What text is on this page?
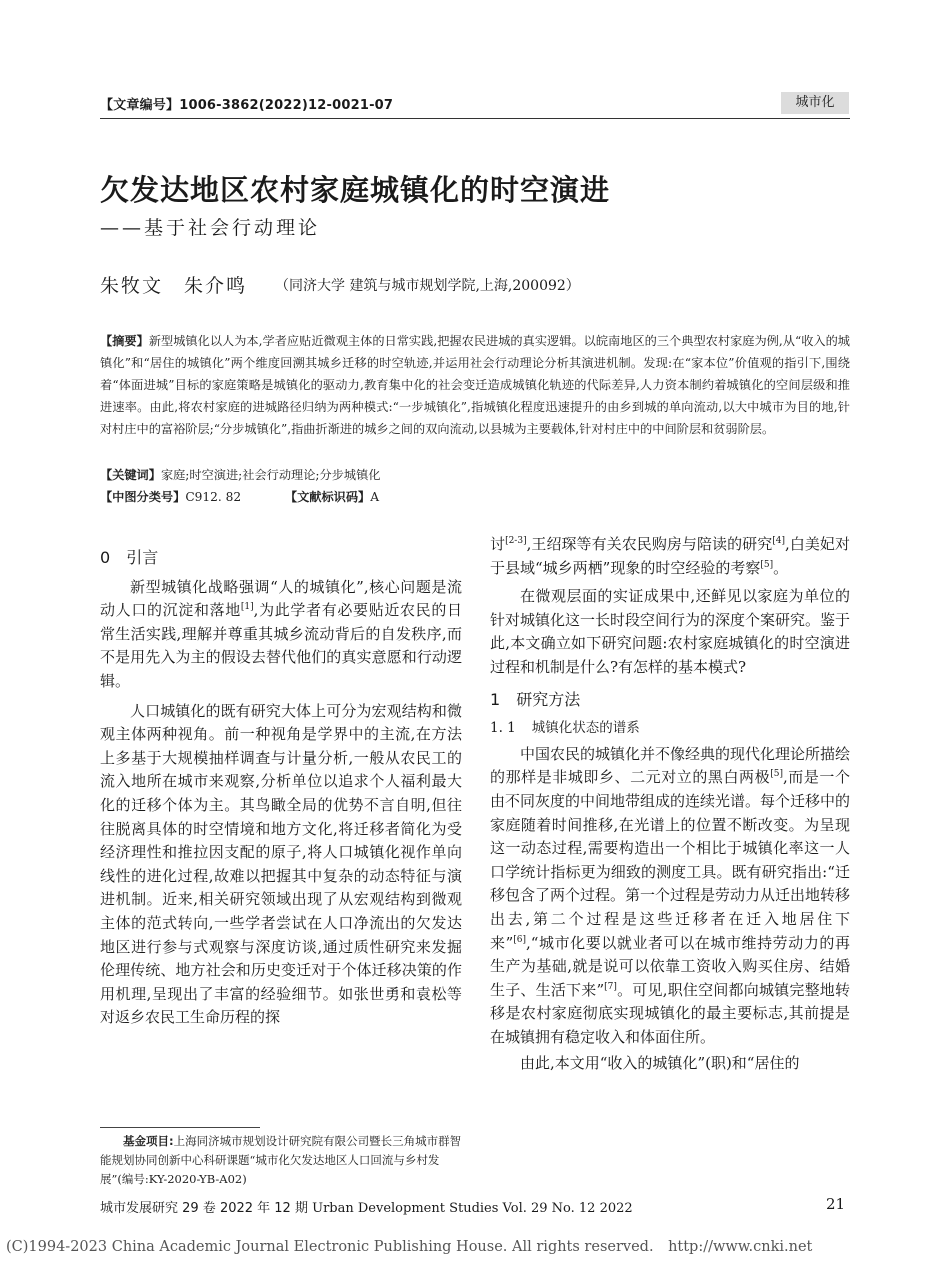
【文章编号】1006-3862(2022)12-0021-07	城市化
欠发达地区农村家庭城镇化的时空演进
——基于社会行动理论
朱牧文　朱介鸣 （同济大学 建筑与城市规划学院,上海,200092）
【摘要】新型城镇化以人为本,学者应贴近微观主体的日常实践,把握农民进城的真实逻辑。以皖南地区的三个典型农村家庭为例,从“收入的城镇化”和“居住的城镇化”两个维度回溯其城乡迁移的时空轨迹,并运用社会行动理论分析其演进机制。发现:在“家本位”价值观的指引下,围绕着“体面进城”目标的家庭策略是城镇化的驱动力,教育集中化的社会变迁造成城镇化轨迹的代际差异,人力资本制约着城镇化的空间层级和推进速率。由此,将农村家庭的进城路径归纳为两种模式:“一步城镇化”,指城镇化程度迅速提升的由乡到城的单向流动,以大中城市为目的地,针对村庄中的富裕阶层;“分步城镇化”,指曲折渐进的城乡之间的双向流动,以县城为主要载体,针对村庄中的中间阶层和贫弱阶层。
【关键词】家庭;时空演进;社会行动理论;分步城镇化
【中图分类号】C912. 82	【文献标识码】A

0 引言

新型城镇化战略强调“人的城镇化”,核心问题是流动人口的沉淀和落地[1],为此学者有必要贴近农民的日常生活实践,理解并尊重其城乡流动背后的自发秩序,而不是用先入为主的假设去替代他们的真实意愿和行动逻辑。

人口城镇化的既有研究大体上可分为宏观结构和微观主体两种视角。前一种视角是学界中的主流,在方法上多基于大规模抽样调查与计量分析,一般从农民工的流入地所在城市来观察,分析单位以追求个人福利最大化的迁移个体为主。其鸟瞰全局的优势不言自明,但往往脱离具体的时空情境和地方文化,将迁移者简化为受经济理性和推拉因支配的原子,将人口城镇化视作单向线性的进化过程,故难以把握其中复杂的动态特征与演进机制。近来,相关研究领域出现了从宏观结构到微观主体的范式转向,一些学者尝试在人口净流出的欠发达地区进行参与式观察与深度访谈,通过质性研究来发掘伦理传统、地方社会和历史变迁对于个体迁移决策的作用机理,呈现出了丰富的经验细节。如张世勇和袁松等对返乡农民工生命历程的探

基金项目:上海同济城市规划设计研究院有限公司暨长三角城市群智能规划协同创新中心科研课题“城市化欠发达地区人口回流与乡村发展”(编号:KY-2020-YB-A02)

讨[2-3],王绍琛等有关农民购房与陪读的研究[4],白美妃对于县域“城乡两栖”现象的时空经验的考察[5]。

在微观层面的实证成果中,还鲜见以家庭为单位的针对城镇化这一长时段空间行为的深度个案研究。鉴于此,本文确立如下研究问题:农村家庭城镇化的时空演进过程和机制是什么?有怎样的基本模式?

1 研究方法

1. 1 城镇化状态的谱系

中国农民的城镇化并不像经典的现代化理论所描绘的那样是非城即乡、二元对立的黑白两极[5],而是一个由不同灰度的中间地带组成的连续光谱。每个迁移中的家庭随着时间推移,在光谱上的位置不断改变。为呈现这一动态过程,需要构造出一个相比于城镇化率这一人口学统计指标更为细致的测度工具。既有研究指出:“迁移包含了两个过程。第一个过程是劳动力从迁出地转移出去,第二个过程是这些迁移者在迁入地居住下来”[6],“城市化要以就业者可以在城市维持劳动力的再生产为基础,就是说可以依靠工资收入购买住房、结婚生子、生活下来”[7]。可见,职住空间都向城镇完整地转移是农村家庭彻底实现城镇化的最主要标志,其前提是在城镇拥有稳定收入和体面住所。

由此,本文用“收入的城镇化”(职)和“居住的

城市发展研究 29 卷 2022 年 12 期 Urban Development Studies Vol. 29 No. 12 2022	21
(C)1994-2023 China Academic Journal Electronic Publishing House. All rights reserved.　http://www.cnki.net
